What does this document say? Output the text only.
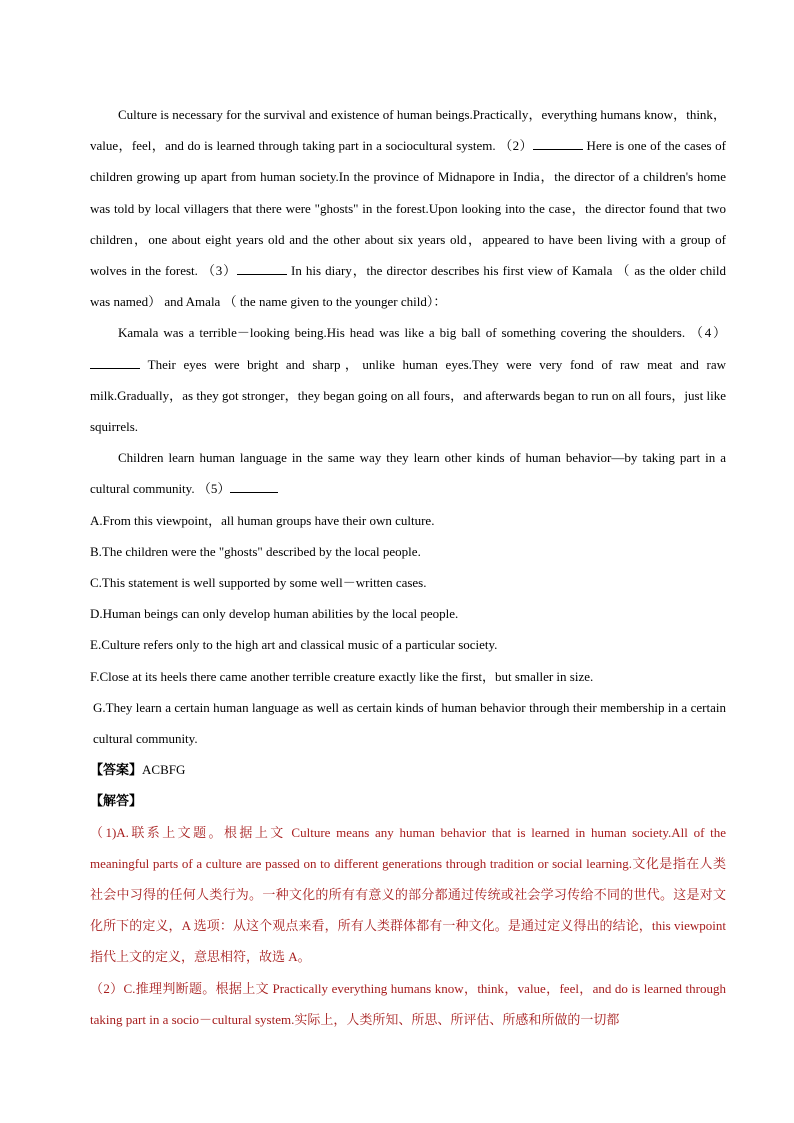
Culture is necessary for the survival and existence of human beings.Practically，everything humans know，think，value，feel，and do is learned through taking part in a sociocultural system. （2）	Here is one of the cases of children growing up apart from human society.In the province of Midnapore in India，the director of a children's home was told by local villagers that there were "ghosts" in the forest.Upon looking into the case，the director found that two children，one about eight years old and the other about six years old，appeared to have been living with a group of wolves in the forest. （3）	In his diary，the director describes his first view of Kamala （ as the older child was named） and Amala （ the name given to the younger child）：

Kamala was a terrible－looking being.His head was like a big ball of something covering the shoulders. （4） Their eyes were bright and sharp，unlike human eyes.They were very fond of raw meat and raw milk.Gradually，as they got stronger，they began going on all fours，and afterwards began to run on all fours，just like squirrels.

Children learn human language in the same way they learn other kinds of human behavior—by taking part in a cultural community. （5）

A.From this viewpoint，all human groups have their own culture.

B.The children were the "ghosts" described by the local people.

C.This statement is well supported by some well－written cases.

D.Human beings can only develop human abilities by the local people.

E.Culture refers only to the high art and classical music of a particular society.

F.Close at its heels there came another terrible creature exactly like the first，but smaller in size.

G.They learn a certain human language as well as certain kinds of human behavior through their membership in a certain cultural community.

【答案】ACBFG

【解答】

（1)A.联系上文题。根据上文 Culture means any human behavior that is learned in human society.All of the meaningful parts of a culture are passed on to different generations through tradition or social learning.文化是指在人类社会中习得的任何人类行为。一种文化的所有有意义的部分都通过传统或社会学习传给不同的世代。这是对文化所下的定义，A 选项：从这个观点来看，所有人类群体都有一种文化。是通过定义得出的结论，this viewpoint 指代上文的定义，意思相符，故选 A。

（2）C.推理判断题。根据上文 Practically everything humans know，think，value，feel，and do is learned through taking part in a socio－cultural system.实际上，人类所知、所思、所评估、所感和所做的一切都
